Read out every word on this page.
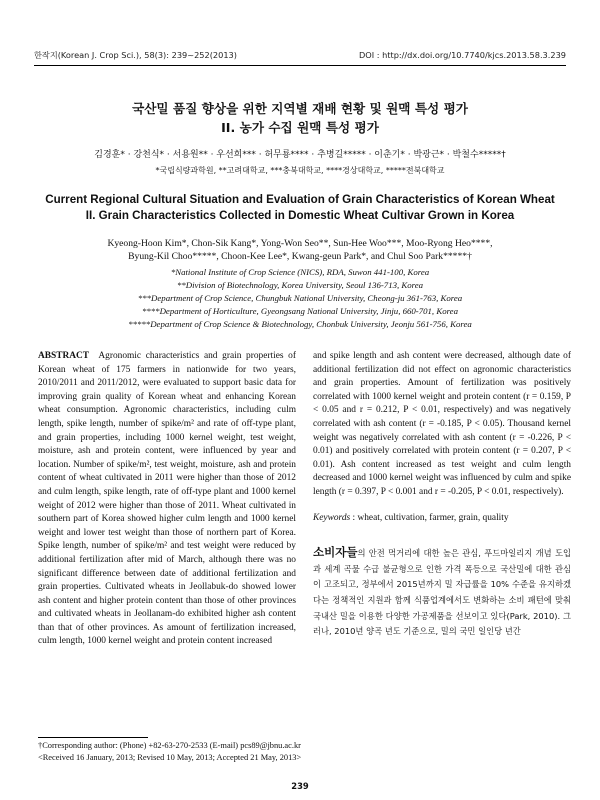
한작지(Korean J. Crop Sci.), 58(3): 239~252(2013)	DOI : http://dx.doi.org/10.7740/kjcs.2013.58.3.239
국산밀 품질 향상을 위한 지역별 재배 현황 및 원맥 특성 평가
II. 농가 수집 원맥 특성 평가
김경훈* · 강천식* · 서용원** · 우선희*** · 허무룡**** · 추병길***** · 이춘기* · 박광근* · 박철수*****†
*국립식량과학원, **고려대학교, ***충북대학교, ****경상대학교, *****전북대학교
Current Regional Cultural Situation and Evaluation of Grain Characteristics of Korean Wheat
II. Grain Characteristics Collected in Domestic Wheat Cultivar Grown in Korea
Kyeong-Hoon Kim*, Chon-Sik Kang*, Yong-Won Seo**, Sun-Hee Woo***, Moo-Ryong Heo****,
Byung-Kil Choo*****, Choon-Kee Lee*, Kwang-geun Park*, and Chul Soo Park*****†
*National Institute of Crop Science (NICS), RDA, Suwon 441-100, Korea
**Division of Biotechnology, Korea University, Seoul 136-713, Korea
***Department of Crop Science, Chungbuk National University, Cheong-ju 361-763, Korea
****Department of Horticulture, Gyeongsang National University, Jinju, 660-701, Korea
*****Department of Crop Science & Biotechnology, Chonbuk University, Jeonju 561-756, Korea

ABSTRACT Agronomic characteristics and grain properties of Korean wheat of 175 farmers in nationwide for two years, 2010/2011 and 2011/2012, were evaluated to support basic data for improving grain quality of Korean wheat and enhancing Korean wheat consumption. Agronomic characteristics, including culm length, spike length, number of spike/m² and rate of off-type plant, and grain properties, including 1000 kernel weight, test weight, moisture, ash and protein content, were influenced by year and location. Number of spike/m², test weight, moisture, ash and protein content of wheat cultivated in 2011 were higher than those of 2012 and culm length, spike length, rate of off-type plant and 1000 kernel weight of 2012 were higher than those of 2011. Wheat cultivated in southern part of Korea showed higher culm length and 1000 kernel weight and lower test weight than those of northern part of Korea. Spike length, number of spike/m² and test weight were reduced by additional fertilization after mid of March, although there was no significant difference between date of additional fertilization and grain properties. Cultivated wheats in Jeollabuk-do showed lower ash content and higher protein content than those of other provinces and cultivated wheats in Jeollanam-do exhibited higher ash content than that of other provinces. As amount of fertilization increased, culm length, 1000 kernel weight and protein content increased

and spike length and ash content were decreased, although date of additional fertilization did not effect on agronomic characteristics and grain properties. Amount of fertilization was positively correlated with 1000 kernel weight and protein content (r = 0.159, P < 0.05 and r = 0.212, P < 0.01, respectively) and was negatively correlated with ash content (r = -0.185, P < 0.05). Thousand kernel weight was negatively correlated with ash content (r = -0.226, P < 0.01) and positively correlated with protein content (r = 0.207, P < 0.01). Ash content increased as test weight and culm length decreased and 1000 kernel weight was influenced by culm and spike length (r = 0.397, P < 0.001 and r = -0.205, P < 0.01, respectively).

Keywords : wheat, cultivation, farmer, grain, quality

소비자들의 안전 먹거리에 대한 높은 관심, 푸드마일리지 개념 도입과 세계 곡물 수급 불균형으로 인한 가격 폭등으로 국산밀에 대한 관심이 고조되고, 정부에서 2015년까지 밀 자급률을 10% 수준을 유지하겠다는 정책적인 지원과 함께 식품업계에서도 변화하는 소비 패턴에 맞춰 국내산 밀을 이용한 다양한 가공제품을 선보이고 있다(Park, 2010). 그러나, 2010년 양곡 년도 기준으로, 밀의 국민 일인당 년간

†Corresponding author: (Phone) +82-63-270-2533 (E-mail) pcs89@jbnu.ac.kr
<Received 16 January, 2013; Revised 10 May, 2013; Accepted 21 May, 2013>
239
